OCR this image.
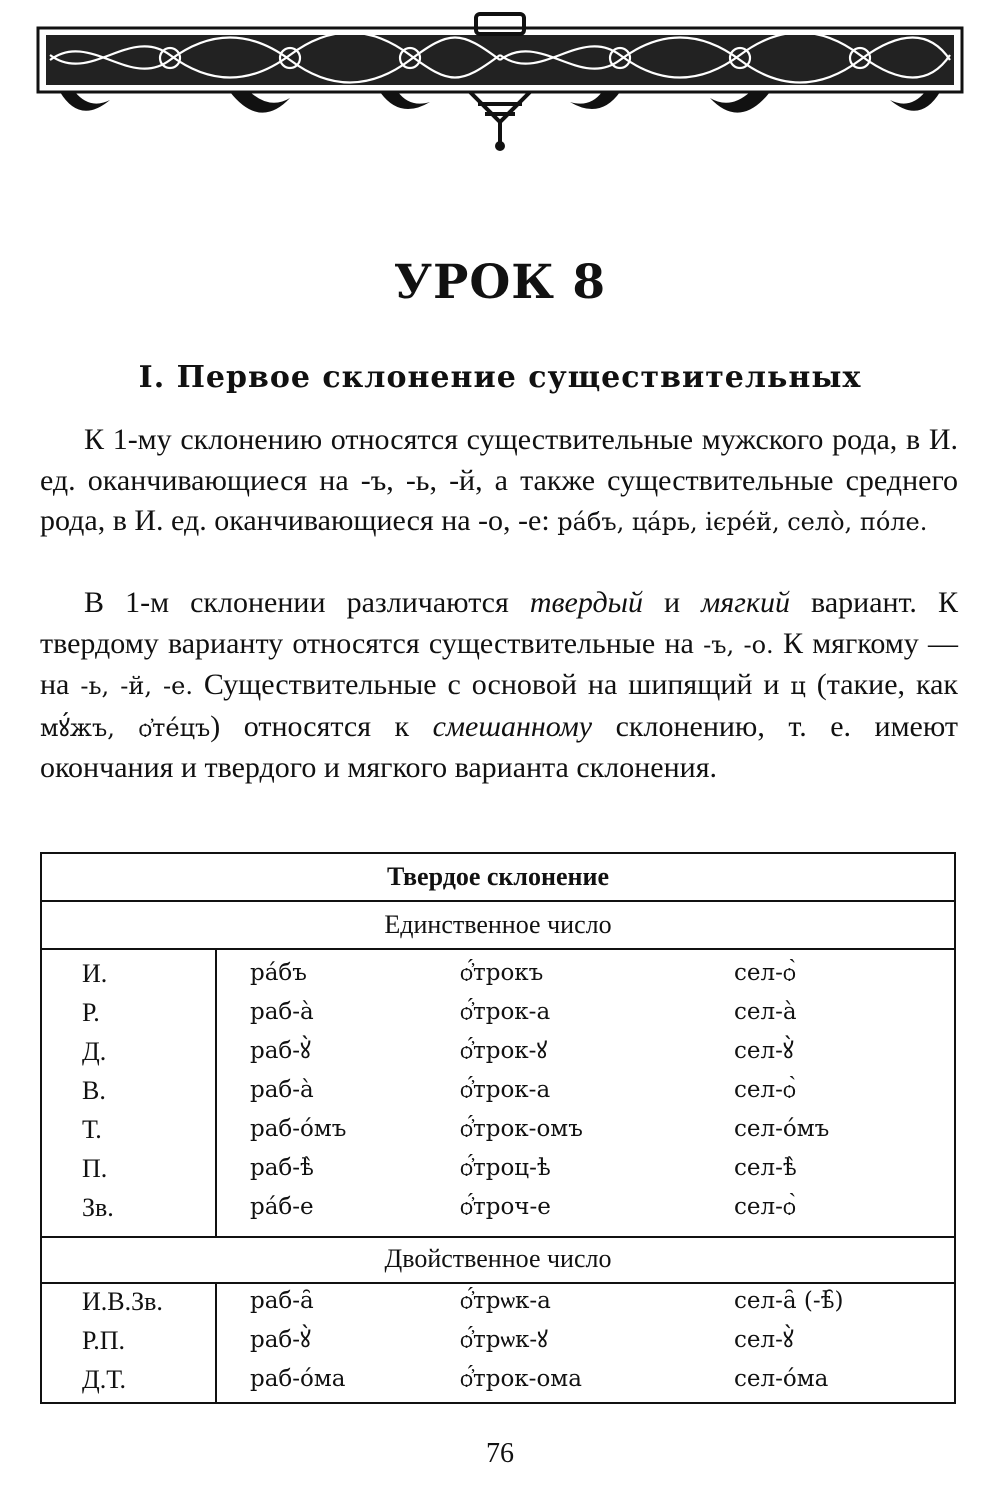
УРОК 8
I. Первое склонение существительных

К 1-му склонению относятся существительные мужского рода, в И. ед. оканчивающиеся на -ъ, -ь, -й, а также существительные среднего рода, в И. ед. оканчивающиеся на -о, -е: ра́бъ, ца́рь, ієре́й, село̀, по́ле.

В 1-м склонении различаются твердый и мягкий вариант. К твердому варианту относятся существительные на -ъ, -о. К мягкому — на -ь, -й, -е. Существительные с основой на шипящий и ц (такие, как мꙋ́жъ, ѻ҆те́цъ) относятся к смешанному склонению, т. е. имеют окончания и твердого и мягкого варианта склонения.

Твердое склонение
Единственное число
И.	ра́бъ	ѻ҆́трокъ	сел-ѻ̀
Р.	раб-а̀	ѻ҆́трок-а	сел-а̀
Д.	раб-ꙋ̀	ѻ҆́трок-ꙋ	сел-ꙋ̀
В.	раб-а̀	ѻ҆́трок-а	сел-ѻ̀
Т.	раб-о́мъ	ѻ҆́трок-омъ	сел-о́мъ
П.	раб-ѣ̀	ѻ҆́троц-ѣ	сел-ѣ̀
Зв.	ра́б-е	ѻ҆́троч-е	сел-ѻ̀
Двойственное число
И.В.Зв.	раб-а̑	ѻ҆́трѡк-а	сел-а̑ (-ѣ̑)
Р.П.	раб-ꙋ̀	ѻ҆́трѡк-ꙋ	сел-ꙋ̀
Д.Т.	раб-о́ма	ѻ҆́трок-ома	сел-о́ма
76
